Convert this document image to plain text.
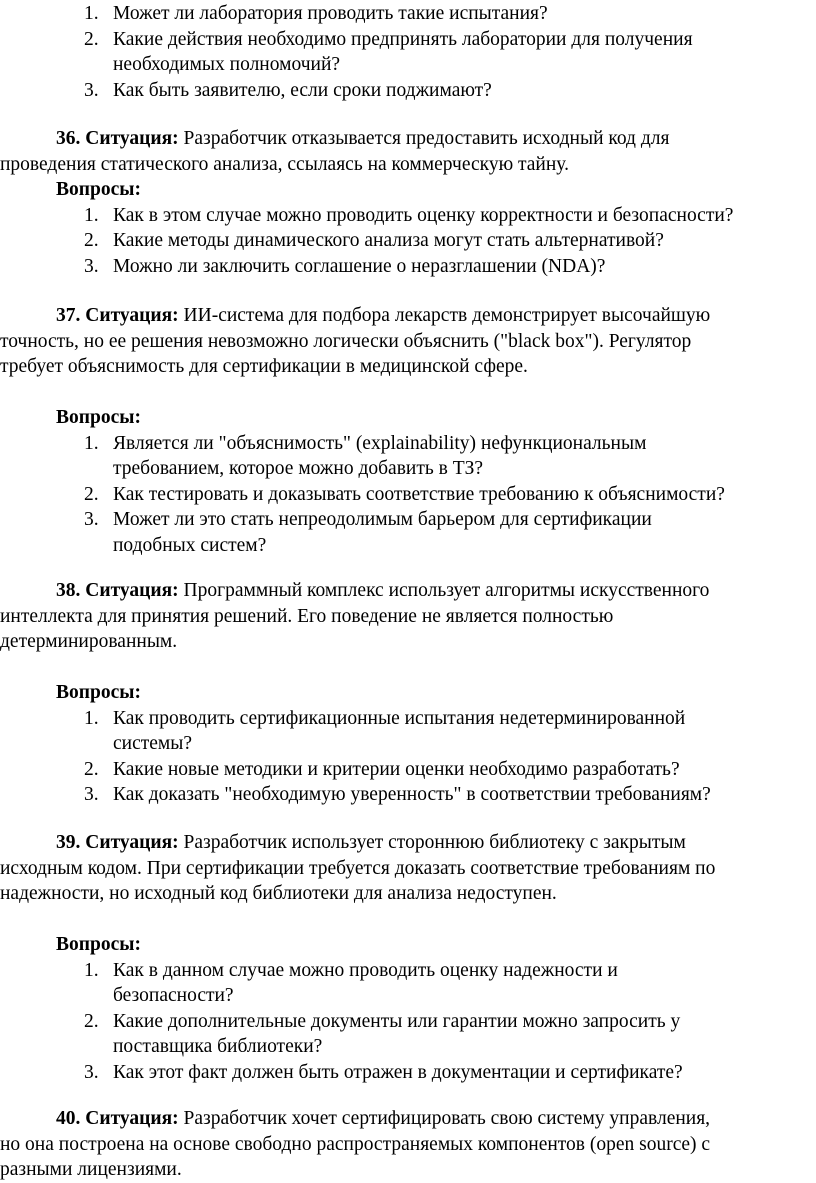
1. Может ли лаборатория проводить такие испытания?
2. Какие действия необходимо предпринять лаборатории для получения
необходимых полномочий?
3. Как быть заявителю, если сроки поджимают?
36. Ситуация: Разработчик отказывается предоставить исходный код для
проведения статического анализа, ссылаясь на коммерческую тайну.
Вопросы:
1. Как в этом случае можно проводить оценку корректности и безопасности?
2. Какие методы динамического анализа могут стать альтернативой?
3. Можно ли заключить соглашение о неразглашении (NDA)?
37. Ситуация: ИИ-система для подбора лекарств демонстрирует высочайшую
точность, но ее решения невозможно логически объяснить ("black box"). Регулятор
требует объяснимость для сертификации в медицинской сфере.
Вопросы:
1. Является ли "объяснимость" (explainability) нефункциональным
требованием, которое можно добавить в ТЗ?
2. Как тестировать и доказывать соответствие требованию к объяснимости?
3. Может ли это стать непреодолимым барьером для сертификации
подобных систем?
38. Ситуация: Программный комплекс использует алгоритмы искусственного
интеллекта для принятия решений. Его поведение не является полностью
детерминированным.
Вопросы:
1. Как проводить сертификационные испытания недетерминированной
системы?
2. Какие новые методики и критерии оценки необходимо разработать?
3. Как доказать "необходимую уверенность" в соответствии требованиям?
39. Ситуация: Разработчик использует стороннюю библиотеку с закрытым
исходным кодом. При сертификации требуется доказать соответствие требованиям по
надежности, но исходный код библиотеки для анализа недоступен.
Вопросы:
1. Как в данном случае можно проводить оценку надежности и
безопасности?
2. Какие дополнительные документы или гарантии можно запросить у
поставщика библиотеки?
3. Как этот факт должен быть отражен в документации и сертификате?
40. Ситуация: Разработчик хочет сертифицировать свою систему управления,
но она построена на основе свободно распространяемых компонентов (open source) с
разными лицензиями.
